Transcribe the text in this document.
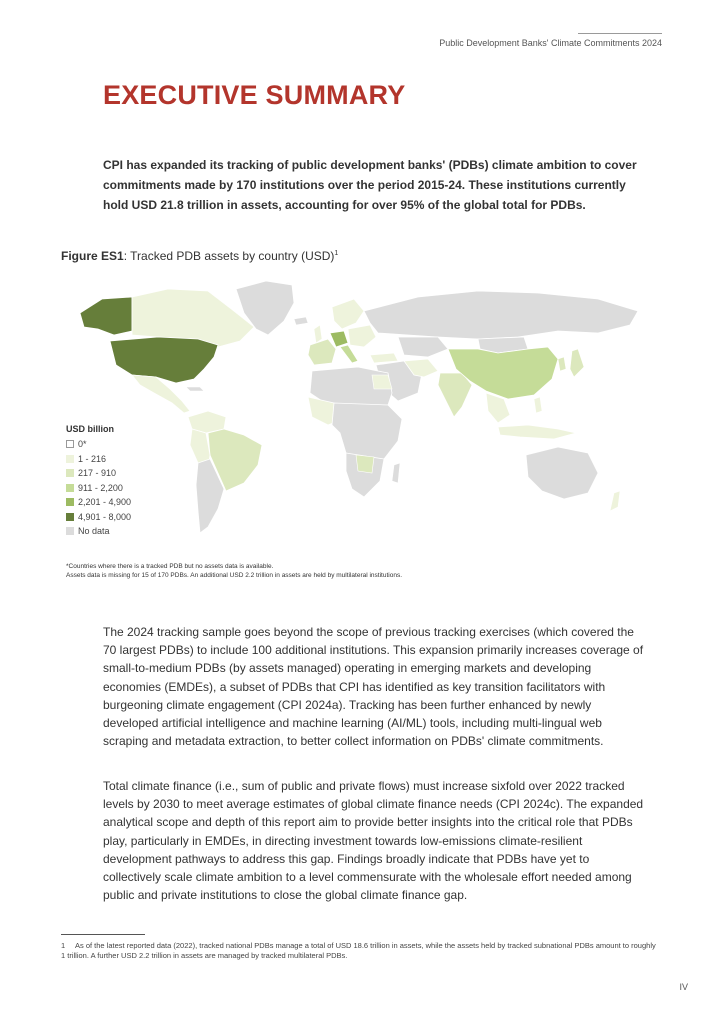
Public Development Banks' Climate Commitments 2024
EXECUTIVE SUMMARY

CPI has expanded its tracking of public development banks' (PDBs) climate ambition to cover commitments made by 170 institutions over the period 2015-24. These institutions currently hold USD 21.8 trillion in assets, accounting for over 95% of the global total for PDBs.

Figure ES1: Tracked PDB assets by country (USD)$^1$

USD billion
0*
1 - 216
217 - 910
911 - 2,200
2,201 - 4,900
4,901 - 8,000
No data
*Countries where there is a tracked PDB but no assets data is available.
Assets data is missing for 15 of 170 PDBs. An additional USD 2.2 trillion in assets are held by multilateral institutions.

The 2024 tracking sample goes beyond the scope of previous tracking exercises (which covered the 70 largest PDBs) to include 100 additional institutions. This expansion primarily increases coverage of small-to-medium PDBs (by assets managed) operating in emerging markets and developing economies (EMDEs), a subset of PDBs that CPI has identified as key transition facilitators with burgeoning climate engagement (CPI 2024a). Tracking has been further enhanced by newly developed artificial intelligence and machine learning (AI/ML) tools, including multi-lingual web scraping and metadata extraction, to better collect information on PDBs' climate commitments.

Total climate finance (i.e., sum of public and private flows) must increase sixfold over 2022 tracked levels by 2030 to meet average estimates of global climate finance needs (CPI 2024c). The expanded analytical scope and depth of this report aim to provide better insights into the critical role that PDBs play, particularly in EMDEs, in directing investment towards low-emissions climate-resilient development pathways to address this gap. Findings broadly indicate that PDBs have yet to collectively scale climate ambition to a level commensurate with the wholesale effort needed among public and private institutions to close the global climate finance gap.

1 As of the latest reported data (2022), tracked national PDBs manage a total of USD 18.6 trillion in assets, while the assets held by tracked subnational PDBs amount to roughly 1 trillion. A further USD 2.2 trillion in assets are managed by tracked multilateral PDBs.
IV
